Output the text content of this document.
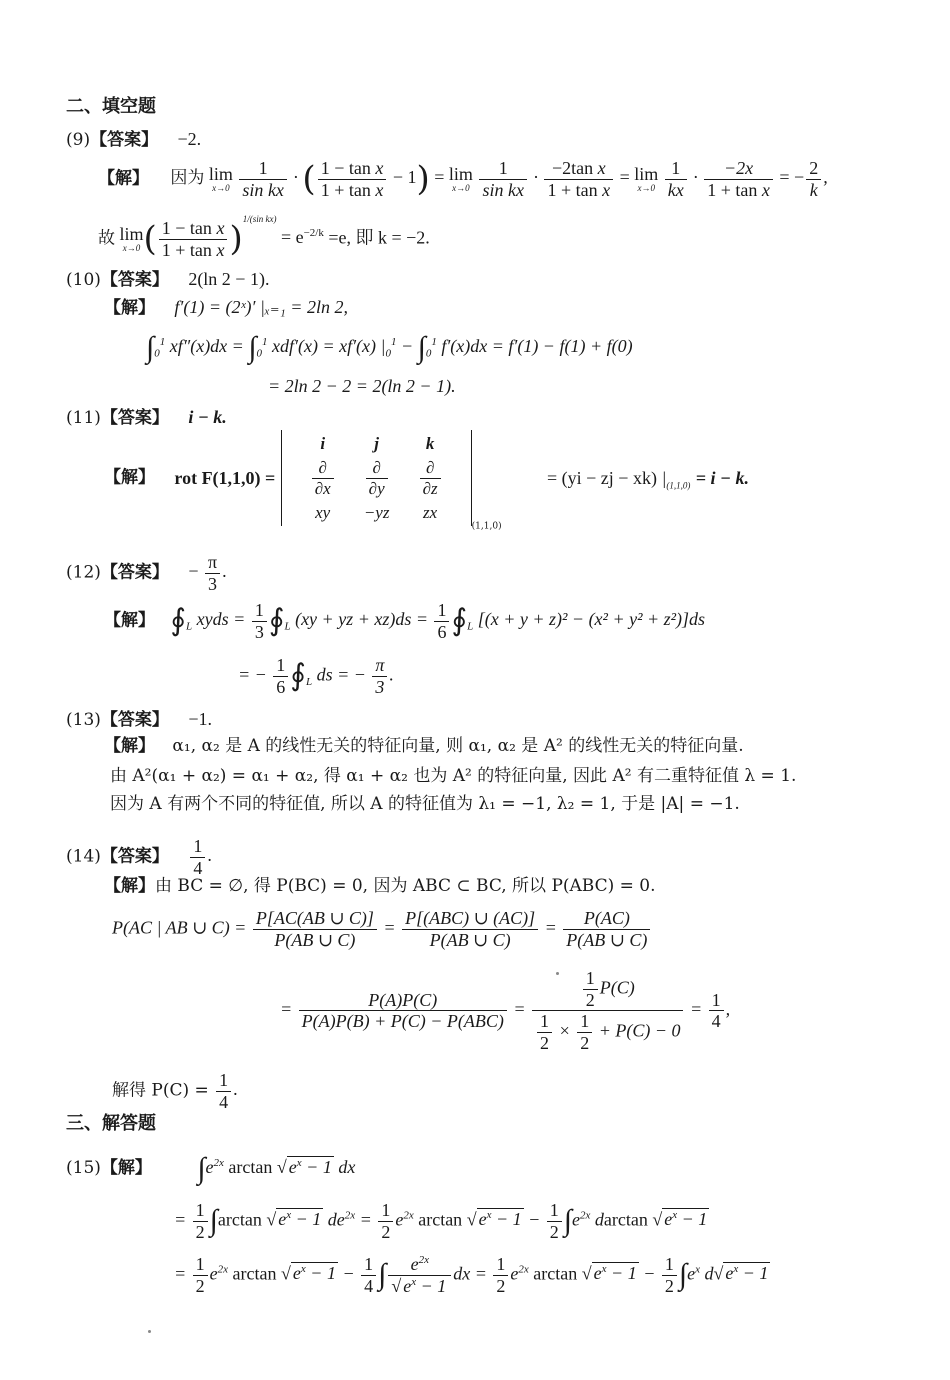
二、填空题
(9)【答案】 −2.
【解】 因为 lim
x→0
$\frac{1}{\text{sin kx}}$ · ( $\frac{\text{1 − tan x}}{\text{1 + tan x}} - 1) = \lim$
x→0
$\frac{1}{\text{sin kx}} \cdot \frac{\text{−2tan x}}{\text{1 + tan x}} = \lim$
x→0
$\frac{1}{kx} \cdot \frac{-2x}{\text{1 + tan x}}$ = − $\frac{2}{k}$ ,
故 lim
x→0 ( $\frac{\text{1 − tan x}}{\text{1 + tan x}} )^{1/(sin kx)} = e^{-2/k} =e$, 即 k = −2.
(10)【答案】 2(ln 2 − 1).
【解】 f′(1) = (2ˣ)′ |ₓ₌₁ = 2ln 2,
$\int_0^1$ $xf''(x)dx = \int_0^1$ xdf′(x) = xf′(x) $|_0^1 - \int_0^1$ f′(x)dx = f′(1) − f(1) + f(0)
= 2ln 2 − 2 = 2(ln 2 − 1).
(11)【答案】 i − k.
【解】 rot F(1,1,0) =
i	j	k

$\frac{\partial}{\partial x}$	$\frac{\partial}{\partial y}$	$\frac{\partial}{\partial z}$

xy	−yz	zx
$_{(1,1,0)}$ = (yi − zj − xk) $|_{(1,1,0)} = i - k$.
(12)【答案】 − $\frac{\pi}{3}$ .
【解】 $∮_L$ xyds = $\frac{1}{3}$ $∮_L$ (xy + yz + $xz)ds = \frac{1}{6}$ $∮_L$ [(x + y + z)² − (x² + y² + z²)]ds
= − $\frac{1}{6}$ $∮_L$ ds = − $\frac{\pi}{3}$ .
(13)【答案】 −1.
【解】 α₁, α₂ 是 A 的线性无关的特征向量, 则 α₁, α₂ 是 A² 的线性无关的特征向量.
由 A²(α₁ + α₂) = α₁ + α₂, 得 α₁ + α₂ 也为 A² 的特征向量, 因此 A² 有二重特征值 λ = 1.
因为 A 有两个不同的特征值, 所以 A 的特征值为 λ₁ = −1, λ₂ = 1, 于是 |A| = −1.
(14)【答案】 $\frac{1}{4}$ .
【解】由 BC = ∅, 得 P(BC) = 0, 因为 ABC ⊂ BC, 所以 P(ABC) = 0.
P(AC | AB ∪ $C) = \frac{P[AC(AB \cup C)]}{P(AB \cup C)} = \frac{\text{P[(ABC) ∪ (AC)]}}{P(AB \cup C)} = \frac{P(AC)}{P(AB \cup C)}$
= $\frac{P(A)P(C)}{\text{P(A)P(B) + P(C) − P(ABC)}} = \frac{\frac{1}{2} P(C)}{\frac{1}{2} \times \frac{1}{2} + P(C) - 0} = \frac{1}{4}$ ,
解得 $P(C) = \frac{1}{4}$ .
三、解答题
(15)【解】 $\int e^{2x}$ arctan √ $e^x - 1$ dx
= $\frac{1}{2} \int\arctan$ √ $e^x - 1$ $de^{2x} = \frac{1}{2} e^{2x}$ arctan √ $e^x - 1 - \frac{1}{2} \int e^{2x}$ darctan √ $e^x - 1$
= $\frac{1}{2} e^{2x}$ arctan √ $e^x - 1 - \frac{1}{4}$ ∫ $\frac{e^{2x}}{√ e^x - 1}$ dx = $\frac{1}{2} e^{2x}$ arctan √ $e^x - 1 - \frac{1}{2} \int e^x$ d√ $e^x - 1$
